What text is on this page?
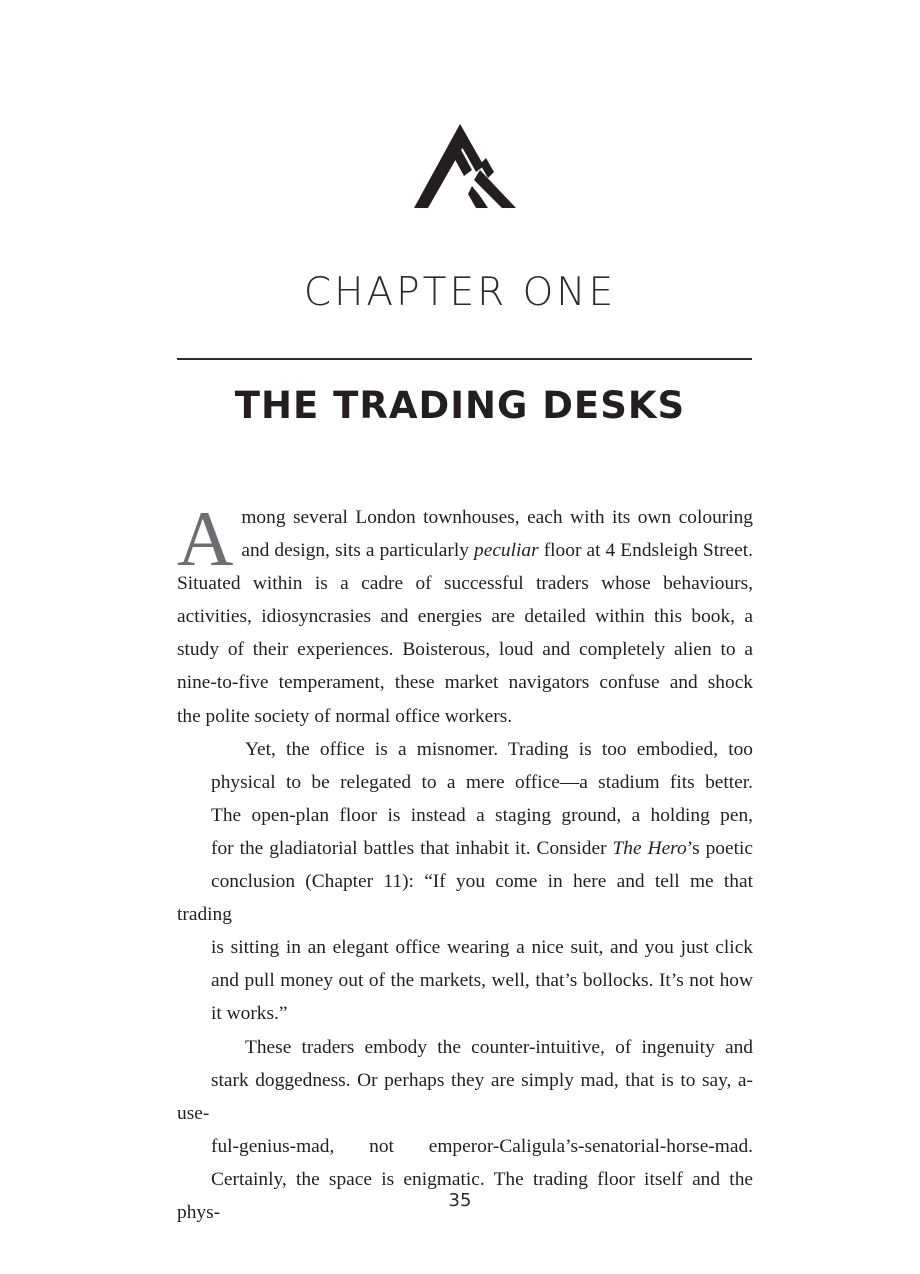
CHAPTER ONE
THE TRADING DESKS

A mong several London townhouses, each with its own colouring
and design, sits a particularly peculiar floor at 4 Endsleigh Street.
Situated within is a cadre of successful traders whose behaviours,
activities, idiosyncrasies and energies are detailed within this book, a
study of their experiences. Boisterous, loud and completely alien to a
nine-to-five temperament, these market navigators confuse and shock
the polite society of normal office workers.

Yet, the office is a misnomer. Trading is too embodied, too
physical to be relegated to a mere office—a stadium fits better.
The open-plan floor is instead a staging ground, a holding pen,
for the gladiatorial battles that inhabit it. Consider The Hero’s poetic
conclusion (Chapter 11): “If you come in here and tell me that trading
is sitting in an elegant office wearing a nice suit, and you just click
and pull money out of the markets, well, that’s bollocks. It’s not how
it works.”

These traders embody the counter-intuitive, of ingenuity and
stark doggedness. Or perhaps they are simply mad, that is to say, a-use-
ful-genius-mad, not emperor-Caligula’s-senatorial-horse-mad.
Certainly, the space is enigmatic. The trading floor itself and the phys-

35
